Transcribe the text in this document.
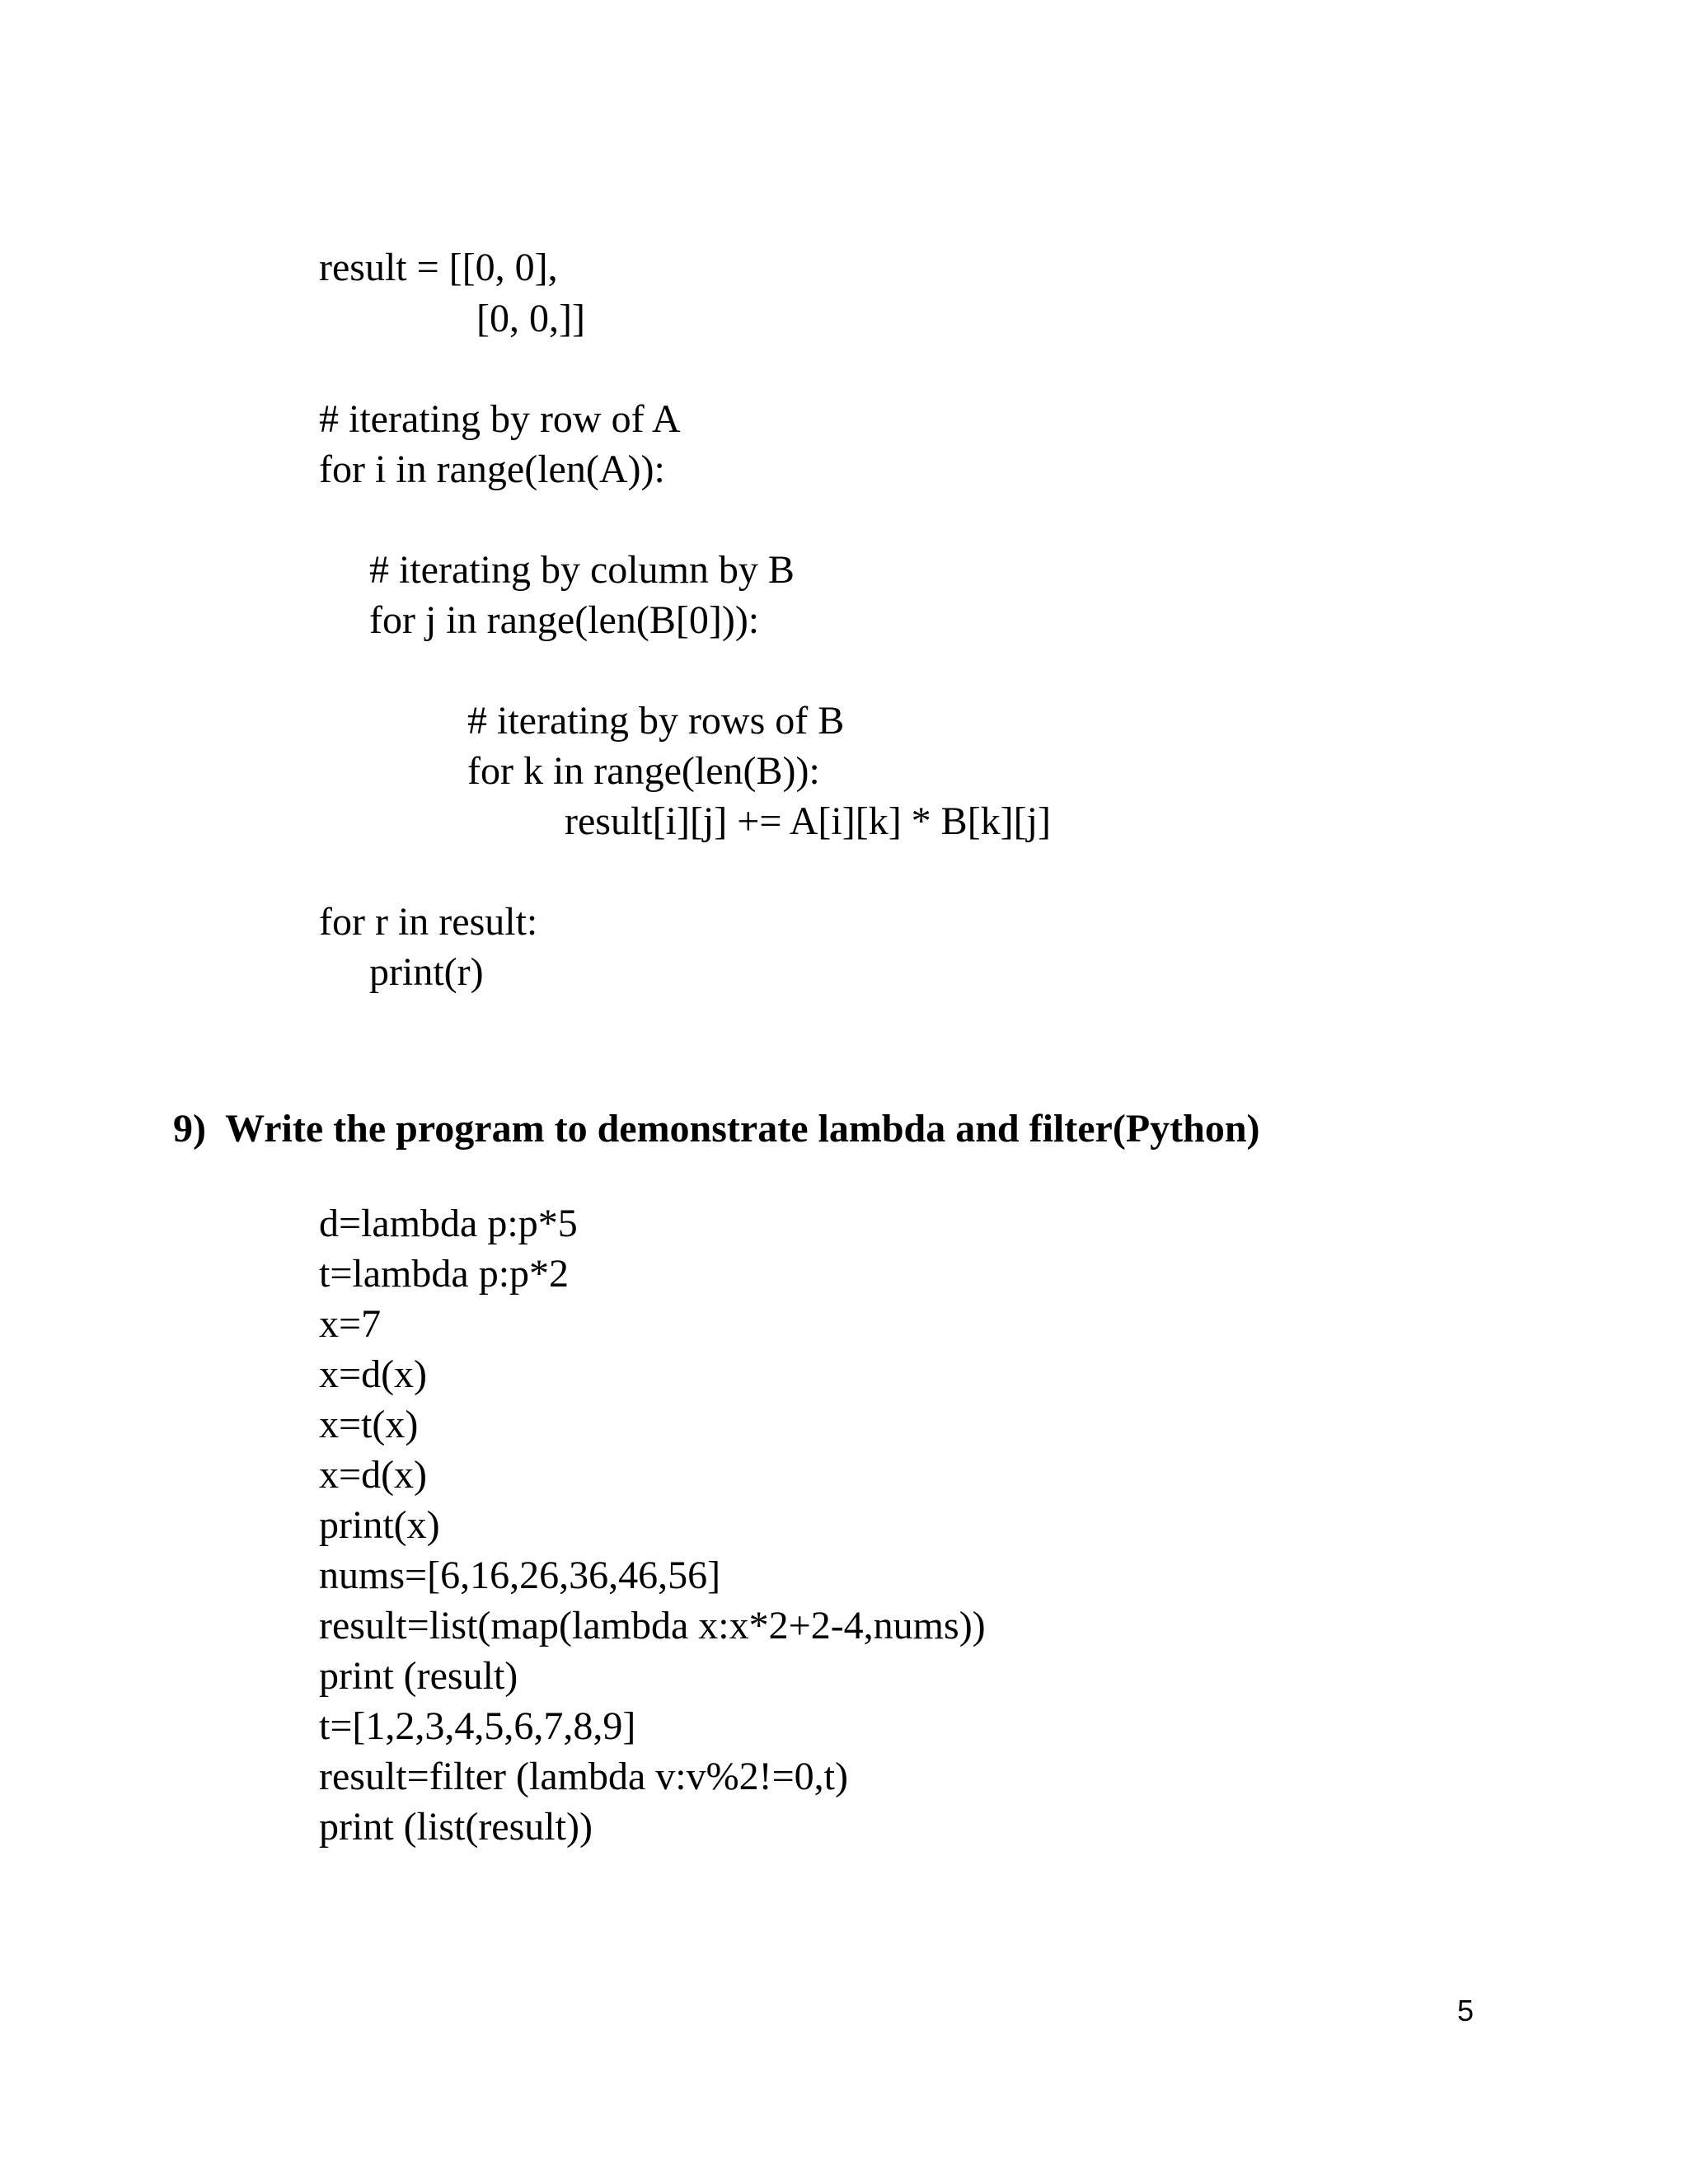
result = [[0, 0],
[0, 0,]]
# iterating by row of A
for i in range(len(A)):
# iterating by column by B
for j in range(len(B[0])):
# iterating by rows of B
for k in range(len(B)):
result[i][j] += A[i][k] * B[k][j]
for r in result:
print(r)
9)  Write the program to demonstrate lambda and filter(Python)
d=lambda p:p*5
t=lambda p:p*2
x=7
x=d(x)
x=t(x)
x=d(x)
print(x)
nums=[6,16,26,36,46,56]
result=list(map(lambda x:x*2+2-4,nums))
print (result)
t=[1,2,3,4,5,6,7,8,9]
result=filter (lambda v:v%2!=0,t)
print (list(result))
5
